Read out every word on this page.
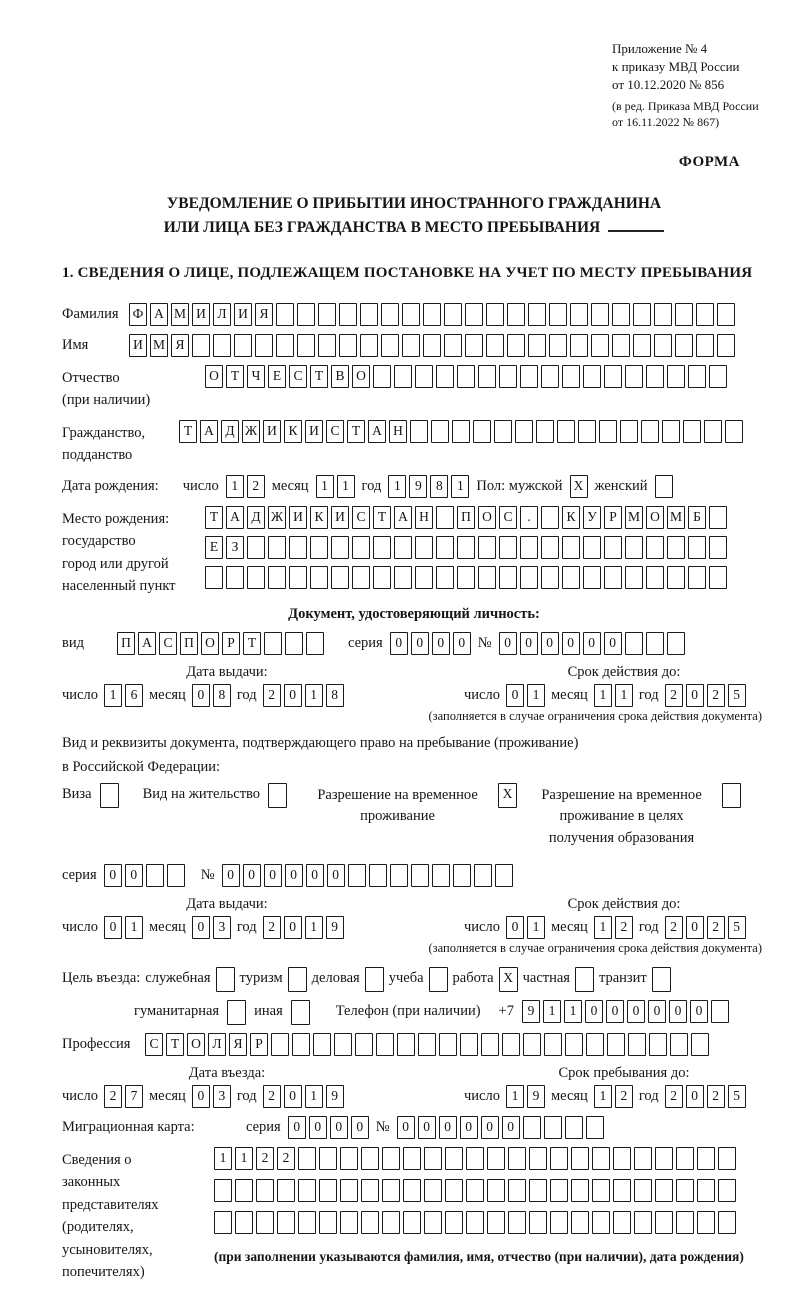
Приложение № 4
к приказу МВД России
от 10.12.2020 № 856
(в ред. Приказа МВД России
от 16.11.2022 № 867)
ФОРМА
УВЕДОМЛЕНИЕ О ПРИБЫТИИ ИНОСТРАННОГО ГРАЖДАНИНА
ИЛИ ЛИЦА БЕЗ ГРАЖДАНСТВА В МЕСТО ПРЕБЫВАНИЯ
1. СВЕДЕНИЯ О ЛИЦЕ, ПОДЛЕЖАЩЕМ ПОСТАНОВКЕ НА УЧЕТ ПО МЕСТУ ПРЕБЫВАНИЯ
Фамилия	Ф А М И Л И Я
Имя	И М Я
Отчество
(при наличии)
О Т Ч Е С Т В О
Гражданство,
подданство
Т А Д Ж И К И С Т А Н
Дата рождения: число 1	2 месяц 1	1 год 1	9	8	1 Пол: мужской X женский
Место рождения:
государство
город или другой
населенный пункт
Т А Д Ж И К И С Т А Н	П О С	.	К У Р М О М Б
Е З
Документ, удостоверяющий личность:
вид	П А С П О Р Т	серия 0	0	0	0 № 0	0	0	0	0	0
Дата выдачи:
число 1	6 месяц 0	8 год 2	0	1	8
Срок действия до:
число 0	1 месяц 1	1 год 2	0	2	5
(заполняется в случае ограничения срока действия документа)
Вид и реквизиты документа, подтверждающего право на пребывание (проживание)
в Российской Федерации:
Виза	Вид на жительство	Разрешение на временное проживание
X	Разрешение на временное проживание в целях получения образования
серия 0	0	№ 0	0	0	0	0	0
Дата выдачи:
число 0	1 месяц 0	3 год 2	0	1	9
Срок действия до:
число 0	1 месяц 1	2 год 2	0	2	5
(заполняется в случае ограничения срока действия документа)
Цель въезда: служебная туризм деловая учеба работа X частная транзит
гуманитарная иная	Телефон (при наличии) +7	9	1	1	0	0	0	0	0	0
Профессия	С Т О Л Я Р
Дата въезда:
число 2	7 месяц 0	3 год 2	0	1	9
Срок пребывания до:
число 1	9 месяц 1	2 год 2	0	2	5
Миграционная карта:	серия 0	0	0	0 № 0	0	0	0	0	0
Сведения о
законных
представителях
(родителях,
усыновителях,
попечителях)
1	1	2	2
(при заполнении указываются фамилия, имя, отчество (при наличии), дата рождения)
